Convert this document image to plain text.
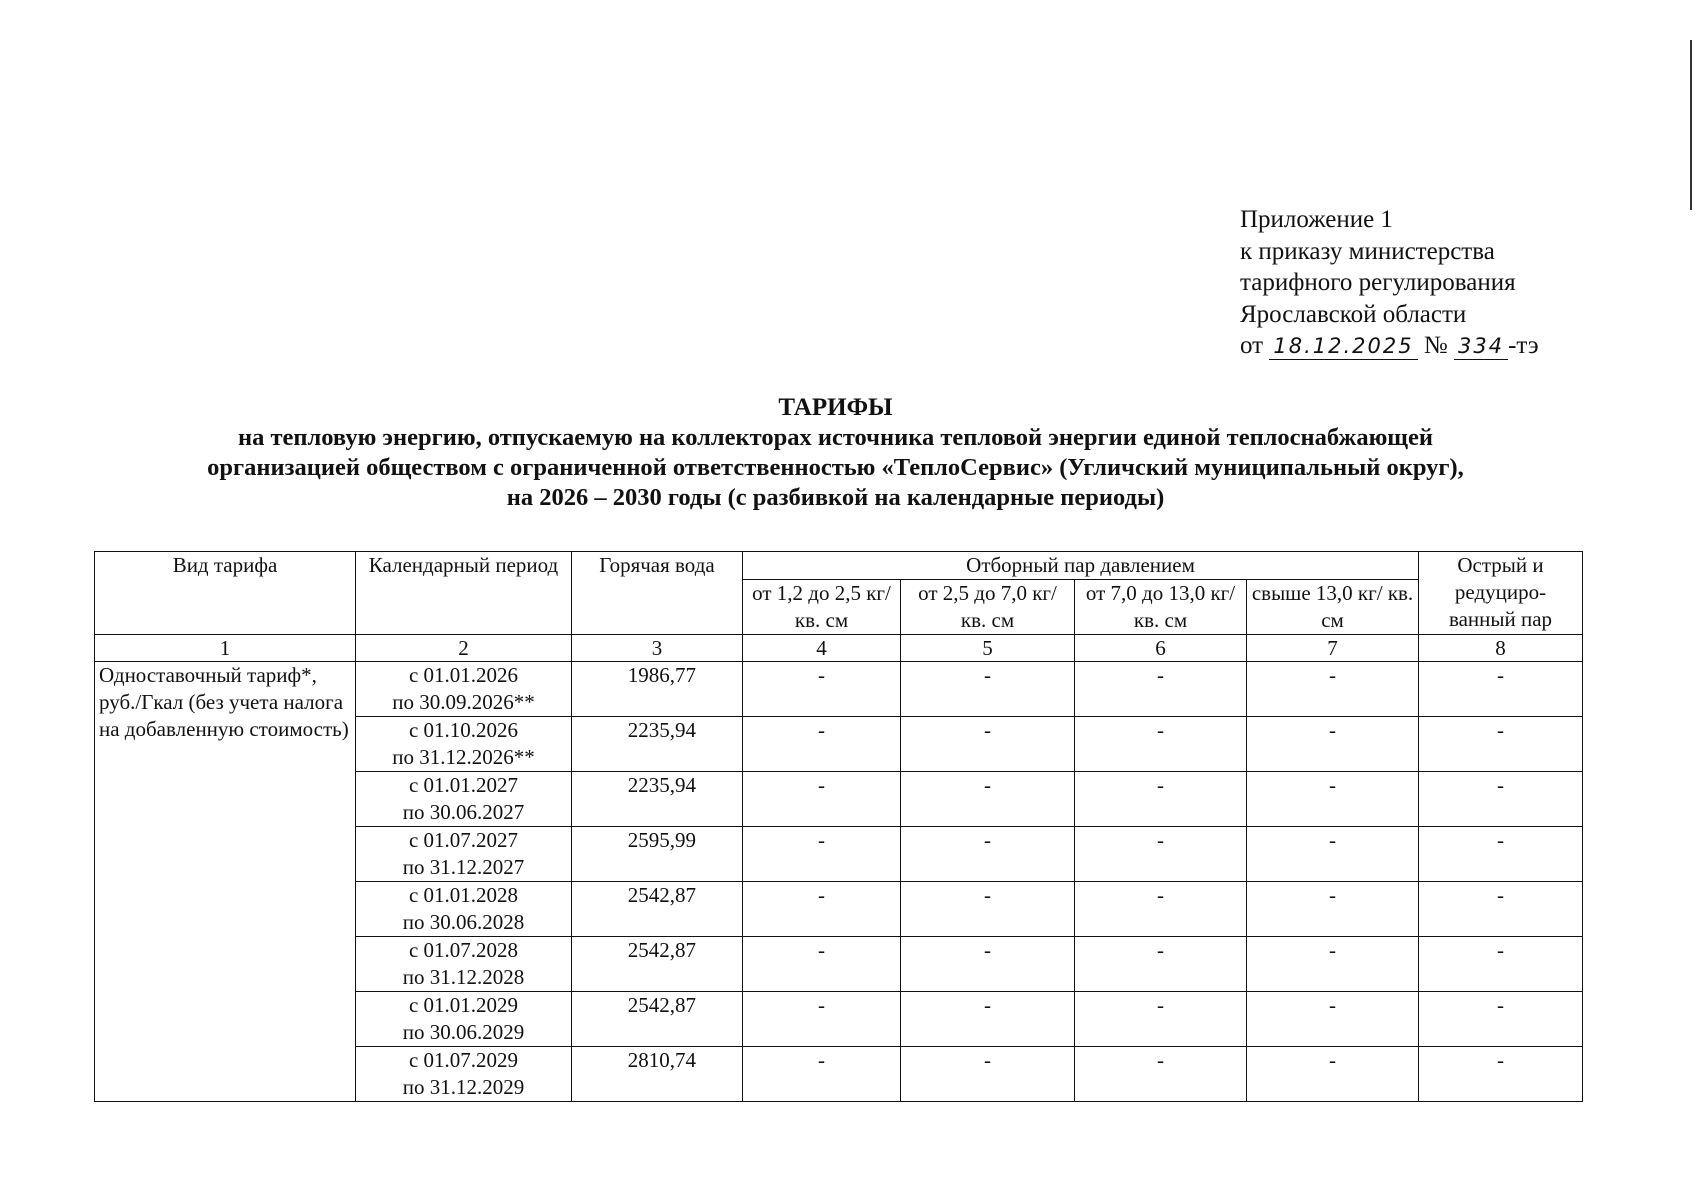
Приложение 1
к приказу министерства
тарифного регулирования
Ярославской области
от 18.12.2025 № 334 -тэ
ТАРИФЫ
на тепловую энергию, отпускаемую на коллекторах источника тепловой энергии единой теплоснабжающей
организацией обществом с ограниченной ответственностью «ТеплоСервис» (Угличский муниципальный округ),
на 2026 – 2030 годы (с разбивкой на календарные периоды)
Вид тарифа	Календарный период	Горячая вода	Отборный пар давлением				Острый и редуциро-ванный пар
			от 1,2 до 2,5 кг/ кв. см	от 2,5 до 7,0 кг/ кв. см	от 7,0 до 13,0 кг/ кв. см	свыше 13,0 кг/ кв. см	
1	2	3	4	5	6	7	8
Одноставочный тариф*, руб./Гкал (без учета налога на добавленную стоимость)	с 01.01.2026
по 30.09.2026**	1986,77	-	-	-	-	-

	с 01.10.2026
по 31.12.2026**	2235,94	-	-	-	-	-

	с 01.01.2027
по 30.06.2027	2235,94	-	-	-	-	-

	с 01.07.2027
по 31.12.2027	2595,99	-	-	-	-	-

	с 01.01.2028
по 30.06.2028	2542,87	-	-	-	-	-

	с 01.07.2028
по 31.12.2028	2542,87	-	-	-	-	-

	с 01.01.2029
по 30.06.2029	2542,87	-	-	-	-	-

	с 01.07.2029
по 31.12.2029	2810,74	-	-	-	-	-
